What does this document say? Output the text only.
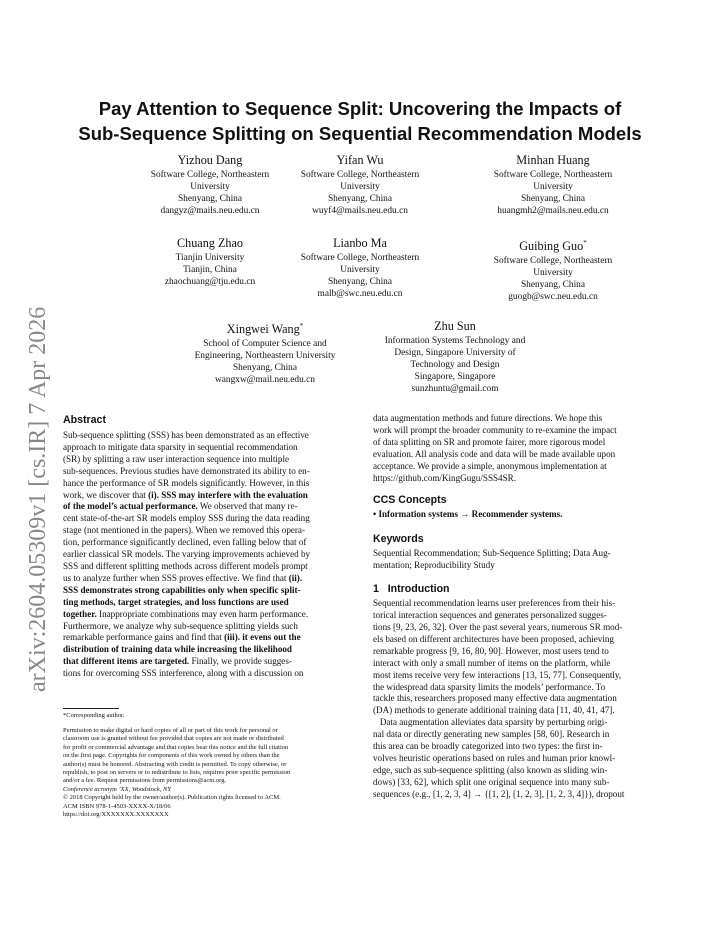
arXiv:2604.05309v1 [cs.IR] 7 Apr 2026
Pay Attention to Sequence Split: Uncovering the Impacts of
Sub-Sequence Splitting on Sequential Recommendation Models
Yizhou Dang
Software College, Northeastern
University
Shenyang, China
dangyz@mails.neu.edu.cn
Yifan Wu
Software College, Northeastern
University
Shenyang, China
wuyf4@mails.neu.edu.cn
Minhan Huang
Software College, Northeastern
University
Shenyang, China
huangmh2@mails.neu.edu.cn
Chuang Zhao
Tianjin University
Tianjin, China
zhaochuang@tju.edu.cn
Lianbo Ma
Software College, Northeastern
University
Shenyang, China
malb@swc.neu.edu.cn
Guibing Guo*
Software College, Northeastern
University
Shenyang, China
guogb@swc.neu.edu.cn
Xingwei Wang*
School of Computer Science and
Engineering, Northeastern University
Shenyang, China
wangxw@mail.neu.edu.cn
Zhu Sun
Information Systems Technology and
Design, Singapore University of
Technology and Design
Singapore, Singapore
sunzhuntu@gmail.com
Abstract
Sub-sequence splitting (SSS) has been demonstrated as an effective
approach to mitigate data sparsity in sequential recommendation
(SR) by splitting a raw user interaction sequence into multiple
sub-sequences. Previous studies have demonstrated its ability to en-
hance the performance of SR models significantly. However, in this
work, we discover that (i). SSS may interfere with the evaluation
of the model’s actual performance. We observed that many re-
cent state-of-the-art SR models employ SSS during the data reading
stage (not mentioned in the papers). When we removed this opera-
tion, performance significantly declined, even falling below that of
earlier classical SR models. The varying improvements achieved by
SSS and different splitting methods across different models prompt
us to analyze further when SSS proves effective. We find that (ii).
SSS demonstrates strong capabilities only when specific split-
ting methods, target strategies, and loss functions are used
together. Inappropriate combinations may even harm performance.
Furthermore, we analyze why sub-sequence splitting yields such
remarkable performance gains and find that (iii). it evens out the
distribution of training data while increasing the likelihood
that different items are targeted. Finally, we provide sugges-
tions for overcoming SSS interference, along with a discussion on
*Corresponding author.
Permission to make digital or hard copies of all or part of this work for personal or
classroom use is granted without fee provided that copies are not made or distributed
for profit or commercial advantage and that copies bear this notice and the full citation
on the first page. Copyrights for components of this work owned by others than the
author(s) must be honored. Abstracting with credit is permitted. To copy otherwise, or
republish, to post on servers or to redistribute to lists, requires prior specific permission
and/or a fee. Request permissions from permissions@acm.org.
Conference acronym ’XX, Woodstock, NY
© 2018 Copyright held by the owner/author(s). Publication rights licensed to ACM.
ACM ISBN 978-1-4503-XXXX-X/18/06
https://doi.org/XXXXXXX.XXXXXXX
data augmentation methods and future directions. We hope this
work will prompt the broader community to re-examine the impact
of data splitting on SR and promote fairer, more rigorous model
evaluation. All analysis code and data will be made available upon
acceptance. We provide a simple, anonymous implementation at
https://github.com/KingGugu/SSS4SR.
CCS Concepts
• Information systems → Recommender systems.
Keywords
Sequential Recommendation; Sub-Sequence Splitting; Data Aug-
mentation; Reproducibility Study
1   Introduction
Sequential recommendation learns user preferences from their his-
torical interaction sequences and generates personalized sugges-
tions [9, 23, 26, 32]. Over the past several years, numerous SR mod-
els based on different architectures have been proposed, achieving
remarkable progress [9, 16, 80, 90]. However, most users tend to
interact with only a small number of items on the platform, while
most items receive very few interactions [13, 15, 77]. Consequently,
the widespread data sparsity limits the models’ performance. To
tackle this, researchers proposed many effective data augmentation
(DA) methods to generate additional training data [11, 40, 41, 47].
Data augmentation alleviates data sparsity by perturbing origi-
nal data or directly generating new samples [58, 60]. Research in
this area can be broadly categorized into two types: the first in-
volves heuristic operations based on rules and human prior knowl-
edge, such as sub-sequence splitting (also known as sliding win-
dows) [33, 62], which split one original sequence into many sub-
sequences (e.g., [1, 2, 3, 4] → {[1, 2], [1, 2, 3], [1, 2, 3, 4]}), dropout
